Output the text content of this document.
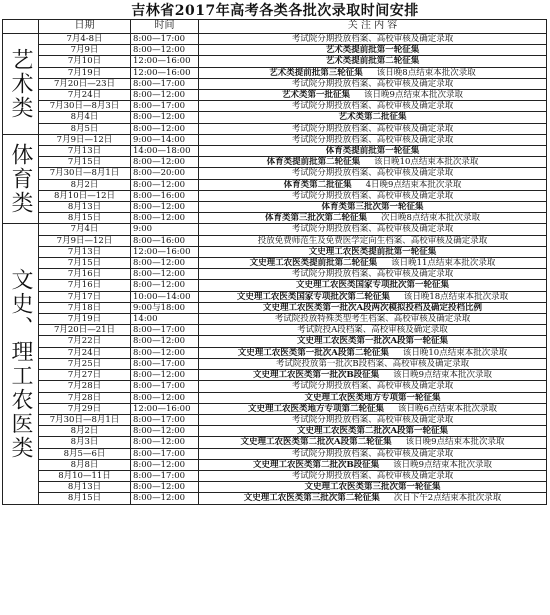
吉林省2017年高考各类各批次录取时间安排
	日期	时间	关 注 内 容
艺术类	7月4-8日	8:00—17:00	考试院分期投放档案、高校审核及确定录取
	7月9日	8:00—12:00	艺术类提前批第一轮征集
	7月10日	12:00—16:00	艺术类提前批第二轮征集
	7月19日	12:00—16:00	艺术类提前批第三轮征集 该日晚8点结束本批次录取
	7月20日—23日	8:00—17:00	考试院分期投放档案、高校审核及确定录取
	7月24日	8:00—12:00	艺术类第一批征集 该日晚9点结束本批次录取
	7月30日—8月3日	8:00—17:00	考试院分期投放档案、高校审核及确定录取
	8月4日	8:00—12:00	艺术类第二批征集
	8月5日	8:00—12:00	考试院分期投放档案、高校审核及确定录取
体育类	7月9日—12日	9:00—14:00	考试院分期投放档案、高校审核及确定录取
	7月13日	14:00—18:00	体育类提前批第一轮征集
	7月15日	8:00—12:00	体育类提前批第二轮征集 该日晚10点结束本批次录取
	7月30日—8月1日	8:00—20:00	考试院分期投放档案、高校审核及确定录取
	8月2日	8:00—12:00	体育类第二批征集 4日晚9点结束本批次录取
	8月10日—12日	8:00—16:00	考试院分期投放档案、高校审核及确定录取
	8月13日	8:00—12:00	体育类第三批次第一轮征集
	8月15日	8:00—12:00	体育类第三批次第二轮征集 次日晚8点结束本批次录取
文史、理工农医类	7月4日	9:00	考试院分期投放档案、高校审核及确定录取
	7月9日—12日	8:00—16:00	投放免费师范生及免费医学定向生档案、高校审核及确定录取
	7月13日	12:00—16:00	文史理工农医类提前批第一轮征集
	7月15日	8:00—12:00	文史理工农医类提前批第二轮征集 该日晚11点结束本批次录取
	7月16日	8:00—12:00	考试院分期投放档案、高校审核及确定录取
	7月16日	8:00—12:00	文史理工农医类国家专项批次第一轮征集
	7月17日	10:00—14:00	文史理工农医类国家专项批次第二轮征集 该日晚18点结束本批次录取
	7月18日	9:00与18:00	文史理工农医类第一批次A段两次模拟投档及确定投档比例
	7月19日	14:00	考试院投放特殊类型考生档案、高校审核及确定录取
	7月20日—21日	8:00—17:00	考试院投A段档案、高校审核及确定录取
	7月22日	8:00—12:00	文史理工农医类第一批次A段第一轮征集
	7月24日	8:00—12:00	文史理工农医类第一批次A段第二轮征集 该日晚10点结束本批次录取
	7月25日	8:00—17:00	考试院投放第一批次B段档案、高校审核及确定录取
	7月27日	8:00—12:00	文史理工农医类第一批次B段征集 该日晚9点结束本批次录取
	7月28日	8:00—17:00	考试院分期投放档案、高校审核及确定录取
	7月28日	8:00—12:00	文史理工农医类地方专项第一轮征集
	7月29日	12:00—16:00	文史理工农医类地方专项第二轮征集 该日晚6点结束本批次录取
	7月30日—8月1日	8:00—17:00	考试院分期投放档案、高校审核及确定录取
	8月2日	8:00—12:00	文史理工农医类第二批次A段第一轮征集
	8月3日	8:00—12:00	文史理工农医类第二批次A段第二轮征集 该日晚9点结束本批次录取
	8月5—6日	8:00—17:00	考试院分期投放档案、高校审核及确定录取
	8月8日	8:00—12:00	文史理工农医类第二批次B段征集 该日晚9点结束本批次录取
	8月10—11日	8:00—17:00	考试院分期投放档案、高校审核及确定录取
	8月13日	8:00—12:00	文史理工农医类第三批次第一轮征集
	8月15日	8:00—12:00	文史理工农医类第三批次第二轮征集 次日下午2点结束本批次录取
